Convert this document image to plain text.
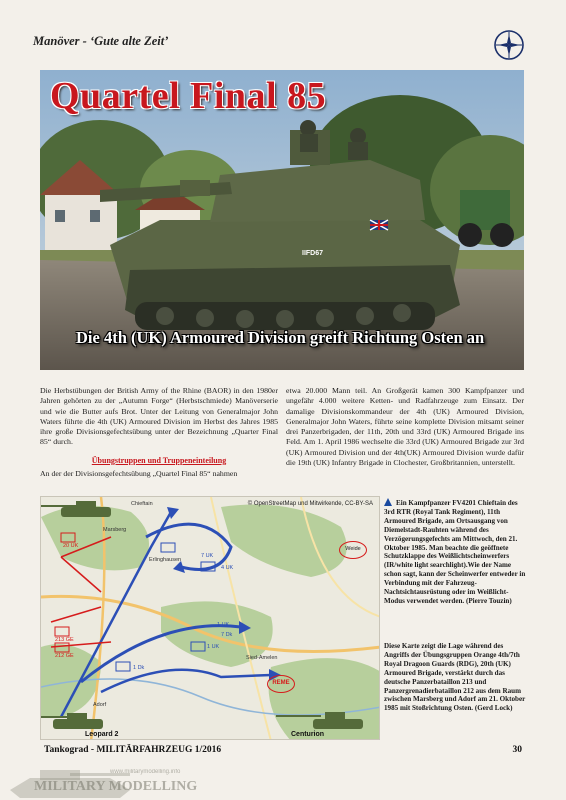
Manöver - ‘Gute alte Zeit’
Quartel Final 85
IIFD67
Die 4th (UK) Armoured Division greift Richtung Osten an

Die Herbstübungen der British Army of the Rhine (BAOR) in den 1980er Jahren gehörten zu der „Autumn Forge“ (Herbstschmiede) Manöverserie und wie die Butter aufs Brot. Unter der Leitung von Generalmajor John Waters führte die 4th (UK) Armoured Division im Herbst des Jahres 1985 ihre große Divisionsgefechtsübung unter der Bezeichnung „Quarter Final 85“ durch.

Übungstruppen und Truppeneinteilung

An der der Divisionsgefechtsübung „Quartel Final 85“ nahmen

etwa 20.000 Mann teil. An Großgerät kamen 300 Kampfpanzer und ungefähr 4.000 weitere Ketten- und Radfahrzeuge zum Einsatz. Der damalige Divisionskommandeur der 4th (UK) Armoured Division, Generalmajor John Waters, führte seine komplette Division mitsamt seiner drei Panzerbrigaden, der 11th, 20th und 33rd (UK) Armoured Brigade ins Feld. Am 1. April 1986 wechselte die 33rd (UK) Armoured Brigade zur 3rd (UK) Armoured Division und der 4th(UK) Armoured Division wurde dafür die 19th (UK) Infantry Brigade in Clochester, Großbritannien, unterstellt.

© OpenStreetMap und Mitwirkende, CC-BY-SA
Chieftain
Marsberg
Erlinghausen
Adorf
Sied-Amelen
20 UK
213 GE
212 GE
1 UK
7 UK
4 UK
1 UK
7 Dk
1 Dk
Weide
REME
Leopard 2	Centurion
Ein Kampfpanzer FV4201 Chieftain des 3rd RTR (Royal Tank Regiment), 11th Armoured Brigade, am Ortsausgang von Diemelstadt-Rauhten während des Verzögerungsgefechts am Mittwoch, den 21. Oktober 1985. Man beachte die geöffnete Schutzklappe des Weißlichtscheinwerfers (IR/white light searchlight).Wie der Name schon sagt, kann der Scheinwerfer entweder in Verbindung mit der Fahrzeug-Nachtsichtausrüstung oder im Weißlicht-Modus verwendet werden. (Pierre Touzin)
Diese Karte zeigt die Lage während des Angriffs der Übungsgruppen Orange 4th/7th Royal Dragoon Guards (RDG), 20th (UK) Armoured Brigade, verstärkt durch das deutsche Panzerbataillon 213 und Panzergrenadierbataillon 212 aus dem Raum zwischen Marsberg und Adorf am 21. Oktober 1985 mit Stoßrichtung Osten. (Gerd Lock)
Tankograd - MILITÄRFAHRZEUG 1/2016	30
MILITARY MODELLING
www.militarymodelling.info
